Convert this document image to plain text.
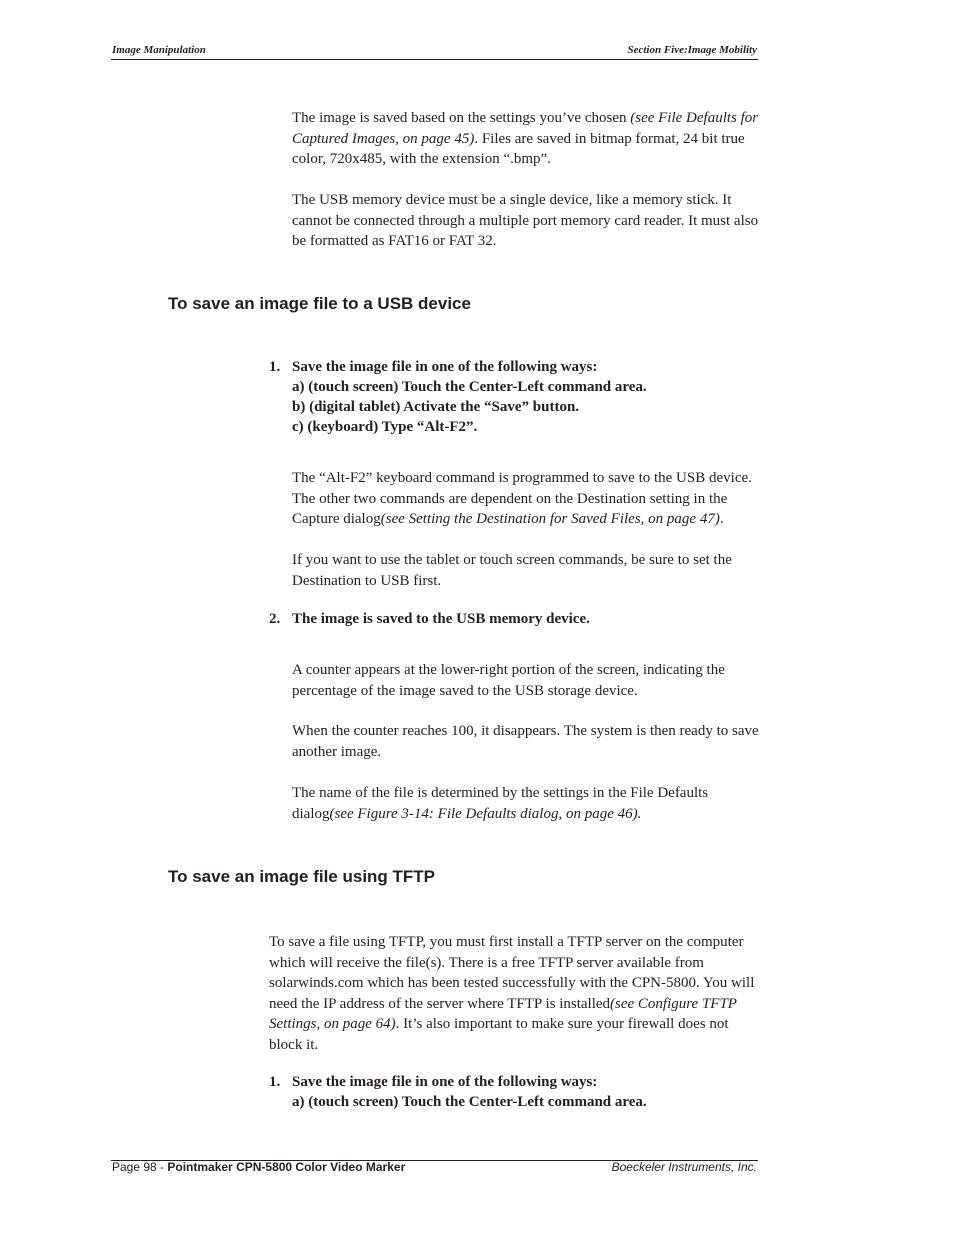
Image Manipulation	Section Five:Image Mobility

The image is saved based on the settings you’ve chosen (see File Defaults for Captured Images, on page 45). Files are saved in bitmap format, 24 bit true color, 720x485, with the extension “.bmp”.

The USB memory device must be a single device, like a memory stick. It cannot be connected through a multiple port memory card reader. It must also be formatted as FAT16 or FAT 32.

To save an image file to a USB device
1. Save the image file in one of the following ways:
a) (touch screen) Touch the Center-Left command area.
b) (digital tablet) Activate the “Save” button.
c) (keyboard) Type “Alt-F2”.

The “Alt-F2” keyboard command is programmed to save to the USB device. The other two commands are dependent on the Destination setting in the Capture dialog(see Setting the Destination for Saved Files, on page 47).

If you want to use the tablet or touch screen commands, be sure to set the Destination to USB first.

2. The image is saved to the USB memory device.

A counter appears at the lower-right portion of the screen, indicating the percentage of the image saved to the USB storage device.

When the counter reaches 100, it disappears. The system is then ready to save another image.

The name of the file is determined by the settings in the File Defaults dialog(see Figure 3-14: File Defaults dialog, on page 46).

To save an image file using TFTP

To save a file using TFTP, you must first install a TFTP server on the computer which will receive the file(s). There is a free TFTP server available from solarwinds.com which has been tested successfully with the CPN-5800. You will need the IP address of the server where TFTP is installed(see Configure TFTP Settings, on page 64). It’s also important to make sure your firewall does not block it.

1. Save the image file in one of the following ways:
a) (touch screen) Touch the Center-Left command area.
Page 98 - Pointmaker CPN-5800 Color Video Marker	Boeckeler Instruments, Inc.
